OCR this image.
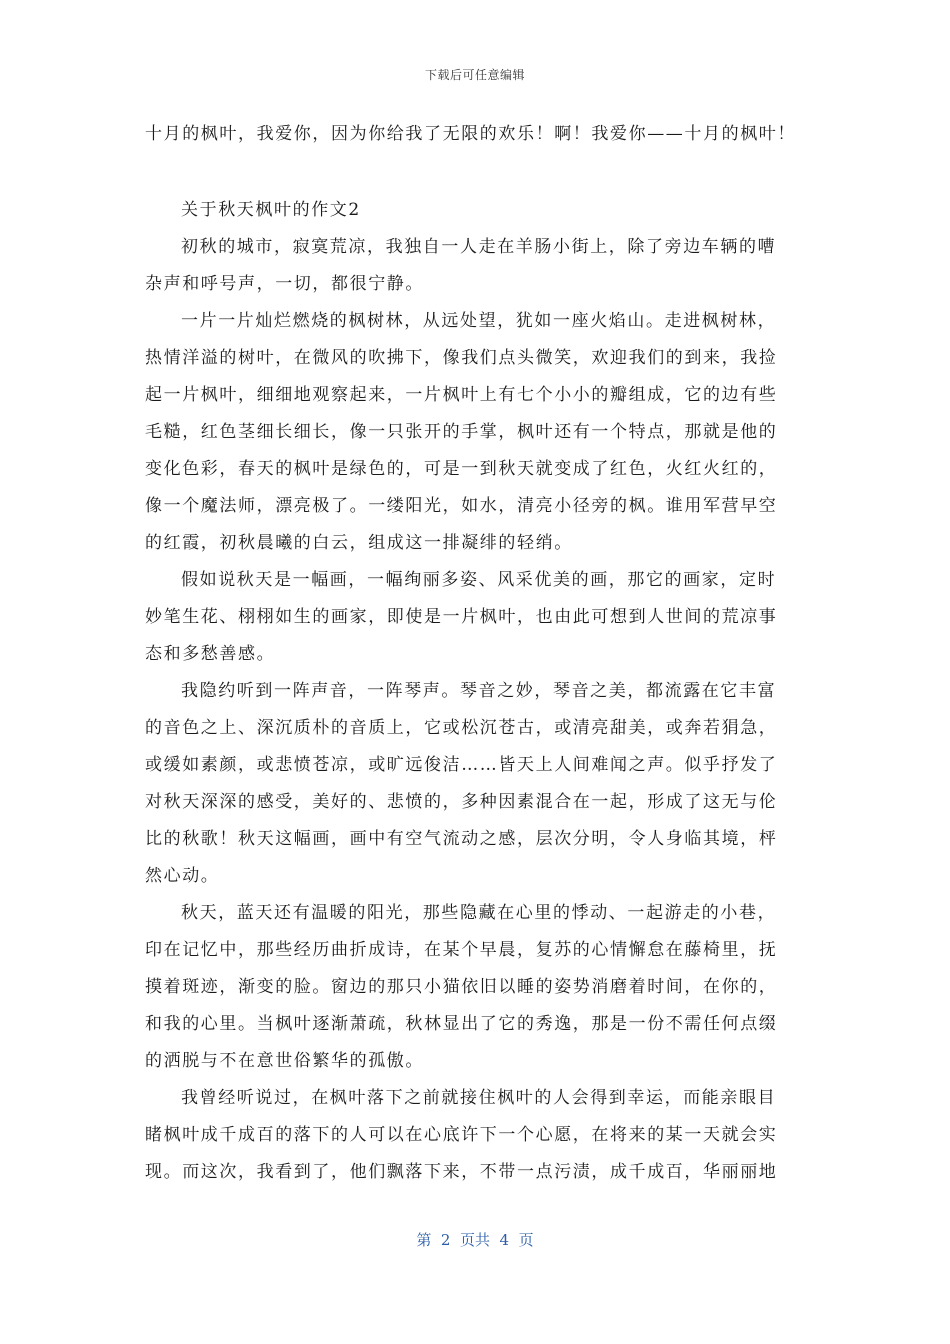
下载后可任意编辑
十月的枫叶，我爱你，因为你给我了无限的欢乐！啊！我爱你——十月的枫叶！
关于秋天枫叶的作文2
初秋的城市，寂寞荒凉，我独自一人走在羊肠小街上，除了旁边车辆的嘈
杂声和呼号声，一切，都很宁静。
一片一片灿烂燃烧的枫树林，从远处望，犹如一座火焰山。走进枫树林，
热情洋溢的树叶，在微风的吹拂下，像我们点头微笑，欢迎我们的到来，我捡
起一片枫叶，细细地观察起来，一片枫叶上有七个小小的瓣组成，它的边有些
毛糙，红色茎细长细长，像一只张开的手掌，枫叶还有一个特点，那就是他的
变化色彩，春天的枫叶是绿色的，可是一到秋天就变成了红色，火红火红的，
像一个魔法师，漂亮极了。一缕阳光，如水，清亮小径旁的枫。谁用军营早空
的红霞，初秋晨曦的白云，组成这一排凝绯的轻绡。
假如说秋天是一幅画，一幅绚丽多姿、风采优美的画，那它的画家，定时
妙笔生花、栩栩如生的画家，即使是一片枫叶，也由此可想到人世间的荒凉事
态和多愁善感。
我隐约听到一阵声音，一阵琴声。琴音之妙，琴音之美，都流露在它丰富
的音色之上、深沉质朴的音质上，它或松沉苍古，或清亮甜美，或奔若狷急，
或缓如素颜，或悲愤苍凉，或旷远俊洁……皆天上人间难闻之声。似乎抒发了
对秋天深深的感受，美好的、悲愤的，多种因素混合在一起，形成了这无与伦
比的秋歌！秋天这幅画，画中有空气流动之感，层次分明，令人身临其境，枰
然心动。
秋天，蓝天还有温暖的阳光，那些隐藏在心里的悸动、一起游走的小巷，
印在记忆中，那些经历曲折成诗，在某个早晨，复苏的心情懈怠在藤椅里，抚
摸着斑迹，渐变的脸。窗边的那只小猫依旧以睡的姿势消磨着时间，在你的，
和我的心里。当枫叶逐渐萧疏，秋林显出了它的秀逸，那是一份不需任何点缀
的洒脱与不在意世俗繁华的孤傲。
我曾经听说过，在枫叶落下之前就接住枫叶的人会得到幸运，而能亲眼目
睹枫叶成千成百的落下的人可以在心底许下一个心愿，在将来的某一天就会实
现。而这次，我看到了，他们飘落下来，不带一点污渍，成千成百，华丽丽地
第  2  页共  4  页
